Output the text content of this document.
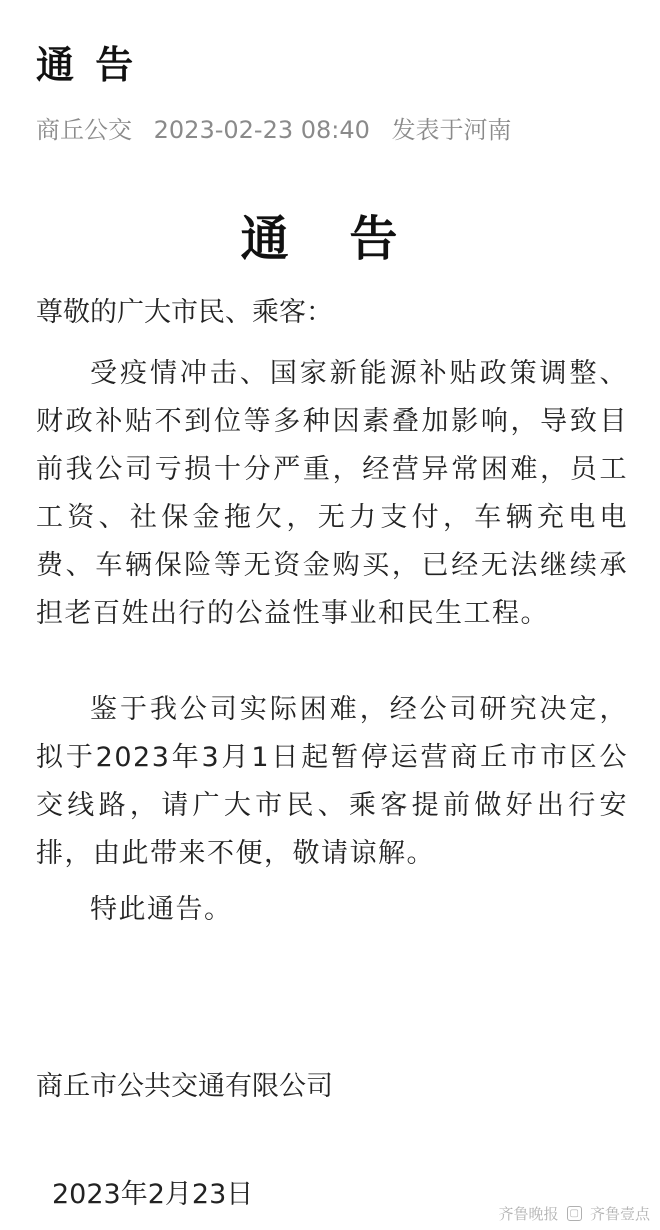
通 告
商丘公交 2023-02-23 08:40 发表于河南
通 告
尊敬的广大市民、乘客：
受疫情冲击、国家新能源补贴政策调整、财政补贴不到位等多种因素叠加影响，导致目前我公司亏损十分严重，经营异常困难，员工工资、社保金拖欠，无力支付，车辆充电电费、车辆保险等无资金购买，已经无法继续承担老百姓出行的公益性事业和民生工程。
鉴于我公司实际困难，经公司研究决定，拟于2023年3月1日起暂停运营商丘市市区公交线路，请广大市民、乘客提前做好出行安排，由此带来不便，敬请谅解。
特此通告。
商丘市公共交通有限公司
2023年2月23日
齐鲁晚报	▢ 齐鲁壹点
